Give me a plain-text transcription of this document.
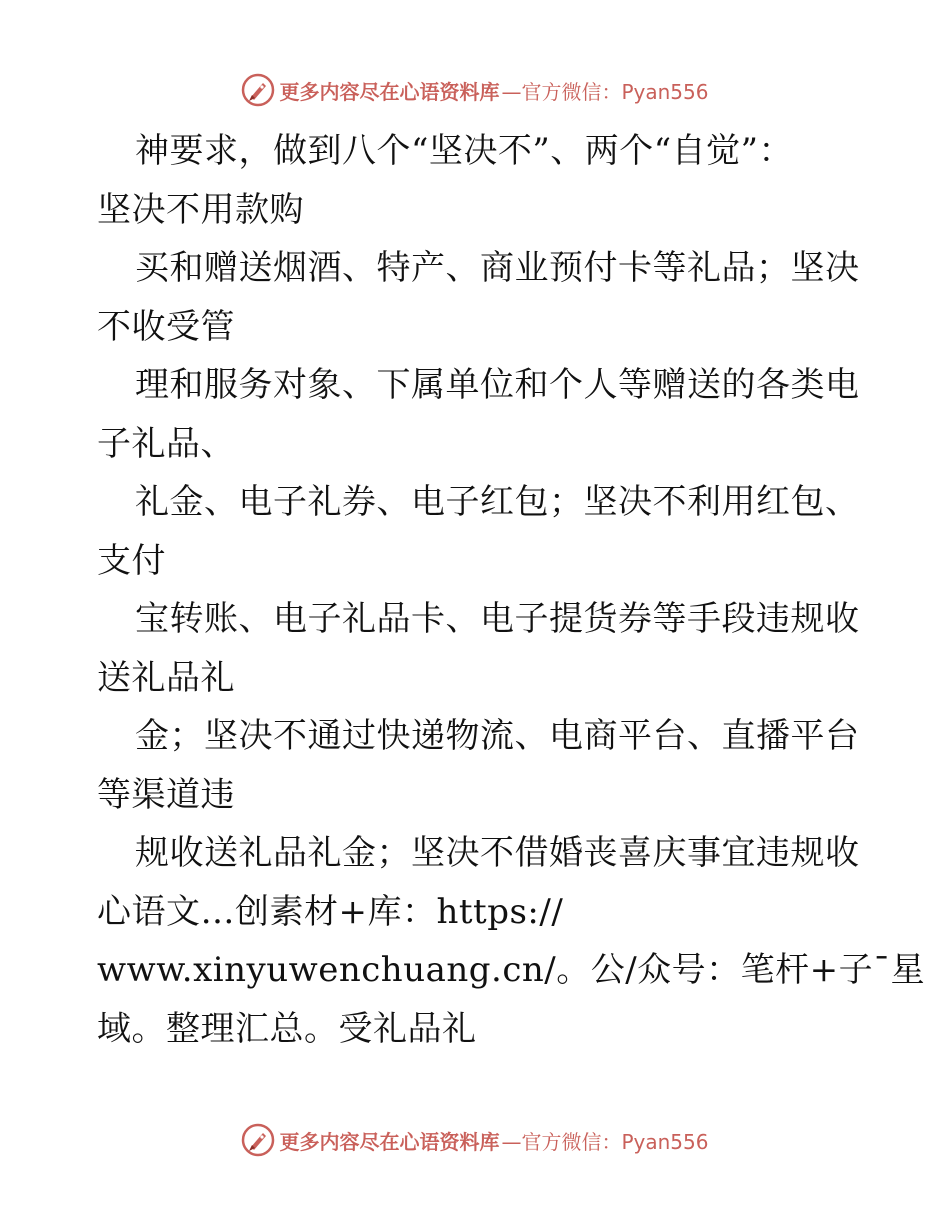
更多内容尽在心语资料库 —官方微信：Pyan556
神要求，做到八个“坚决不”、两个“自觉”：
坚决不用款购
买和赠送烟酒、特产、商业预付卡等礼品；坚决
不收受管
理和服务对象、下属单位和个人等赠送的各类电
子礼品、
礼金、电子礼券、电子红包；坚决不利用红包、
支付
宝转账、电子礼品卡、电子提货券等手段违规收
送礼品礼
金；坚决不通过快递物流、电商平台、直播平台
等渠道违
规收送礼品礼金；坚决不借婚丧喜庆事宜违规收
心语文…创素材+库：https://
www.xinyuwenchuang.cn/。公/众号：笔杆+子¯星
域。整理汇总。受礼品礼
更多内容尽在心语资料库 —官方微信：Pyan556
